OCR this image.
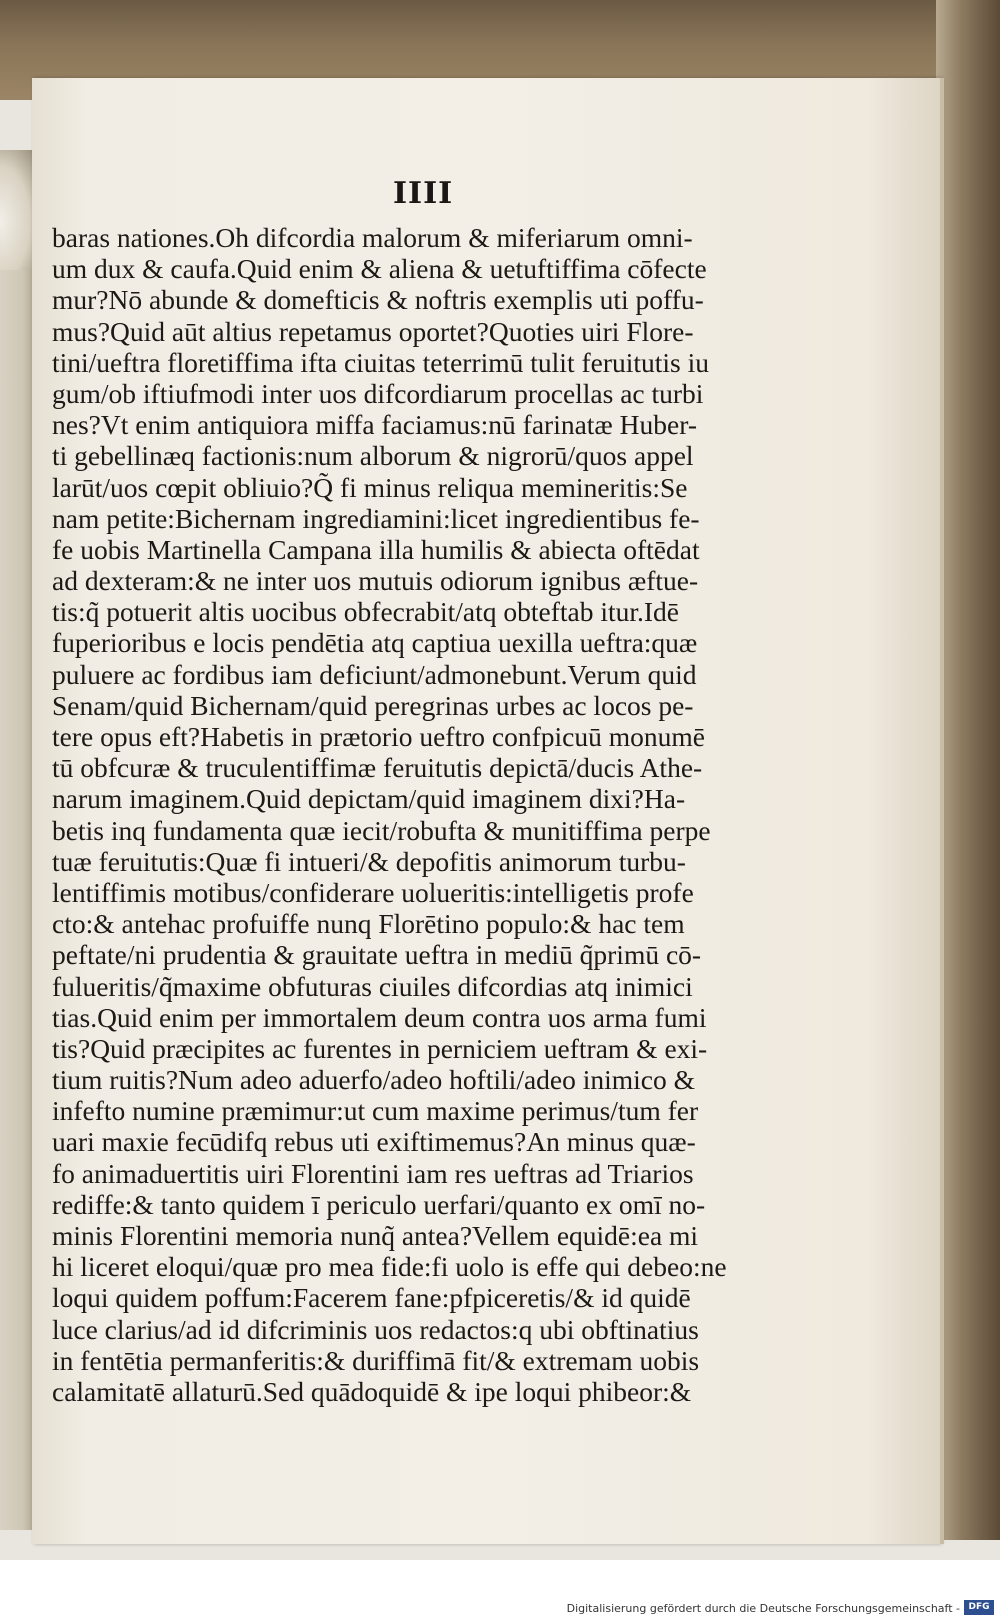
IIII
baras nationes.Oh difcordia malorum & miferiarum omni-
um dux & caufa.Quid enim & aliena & uetuftiffima cōfecte
mur?Nō abunde & domefticis & noftris exemplis uti poffu-
mus?Quid aūt altius repetamus oportet?Quoties uiri Flore-
tini/ueftra floretiffima ifta ciuitas teterrimū tulit feruitutis iu
gum/ob iftiufmodi inter uos difcordiarum procellas ac turbi
nes?Vt enim antiquiora miffa faciamus:nū farinatæ Huber-
ti gebellinæq factionis:num alborum & nigrorū/quos appel
larūt/uos cœpit obliuio?Q̃ fi minus reliqua memineritis:Se
nam petite:Bichernam ingrediamini:licet ingredientibus fe-
fe uobis Martinella Campana illa humilis & abiecta oftēdat
ad dexteram:& ne inter uos mutuis odiorum ignibus æftue-
tis:q̃ potuerit altis uocibus obfecrabit/atq obteftab itur.Idē
fuperioribus e locis pendētia atq captiua uexilla ueftra:quæ
puluere ac fordibus iam deficiunt/admonebunt.Verum quid
Senam/quid Bichernam/quid peregrinas urbes ac locos pe-
tere opus eft?Habetis in prætorio ueftro confpicuū monumē
tū obfcuræ & truculentiffimæ feruitutis depictā/ducis Athe-
narum imaginem.Quid depictam/quid imaginem dixi?Ha-
betis inq fundamenta quæ iecit/robufta & munitiffima perpe
tuæ feruitutis:Quæ fi intueri/& depofitis animorum turbu-
lentiffimis motibus/confiderare uolueritis:intelligetis profe
cto:& antehac profuiffe nunq Florētino populo:& hac tem
peftate/ni prudentia & grauitate ueftra in mediū q̃primū cō-
fulueritis/q̃maxime obfuturas ciuiles difcordias atq inimici
tias.Quid enim per immortalem deum contra uos arma fumi
tis?Quid præcipites ac furentes in perniciem ueftram & exi-
tium ruitis?Num adeo aduerfo/adeo hoftili/adeo inimico &
infefto numine præmimur:ut cum maxime perimus/tum fer
uari maxie fecūdifq rebus uti exiftimemus?An minus quæ-
fo animaduertitis uiri Florentini iam res ueftras ad Triarios
rediffe:& tanto quidem ī periculo uerfari/quanto ex omī no-
minis Florentini memoria nunq̃ antea?Vellem equidē:ea mi
hi liceret eloqui/quæ pro mea fide:fi uolo is effe qui debeo:ne
loqui quidem poffum:Facerem fane:pfpiceretis/& id quidē
luce clarius/ad id difcriminis uos redactos:q ubi obftinatius
in fentētia permanferitis:& duriffimā fit/& extremam uobis
calamitatē allaturū.Sed quādoquidē & ipe loqui phibeor:&
Digitalisierung gefördert durch die Deutsche Forschungsgemeinschaft - DFG
